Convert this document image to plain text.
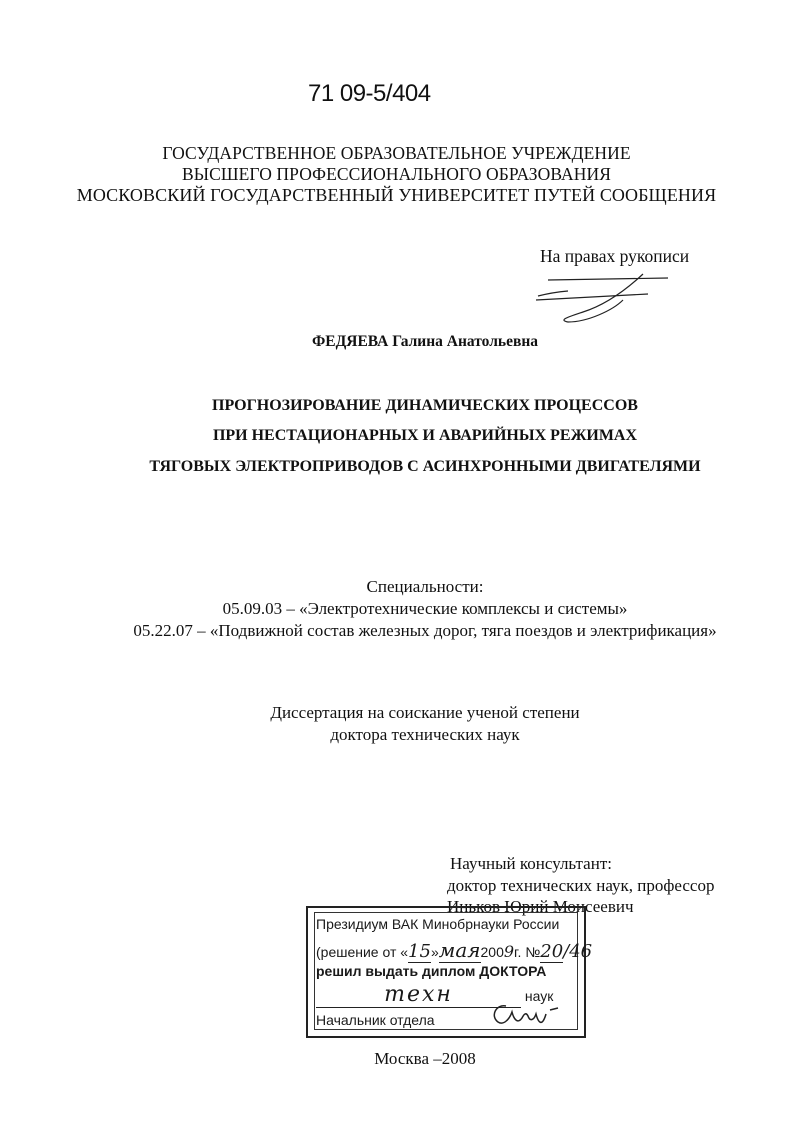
71 09-5/404
ГОСУДАРСТВЕННОЕ ОБРАЗОВАТЕЛЬНОЕ УЧРЕЖДЕНИЕ
ВЫСШЕГО ПРОФЕССИОНАЛЬНОГО ОБРАЗОВАНИЯ
МОСКОВСКИЙ ГОСУДАРСТВЕННЫЙ УНИВЕРСИТЕТ ПУТЕЙ СООБЩЕНИЯ
На правах рукописи
ФЕДЯЕВА Галина Анатольевна
ПРОГНОЗИРОВАНИЕ ДИНАМИЧЕСКИХ ПРОЦЕССОВ
ПРИ НЕСТАЦИОНАРНЫХ И АВАРИЙНЫХ РЕЖИМАХ
ТЯГОВЫХ ЭЛЕКТРОПРИВОДОВ С АСИНХРОННЫМИ ДВИГАТЕЛЯМИ
Специальности:
05.09.03 – «Электротехнические комплексы и системы»
05.22.07 – «Подвижной состав железных дорог, тяга поездов и электрификация»
Диссертация на соискание ученой степени
доктора технических наук
Научный консультант:
доктор технических наук, профессор
Иньков Юрий Моисеевич
Президиум ВАК Минобрнауки России
(решение от «15»мая2009г. №20/46
решил выдать диплом ДОКТОРА
техн	наук
Начальник отдела
Москва –2008
